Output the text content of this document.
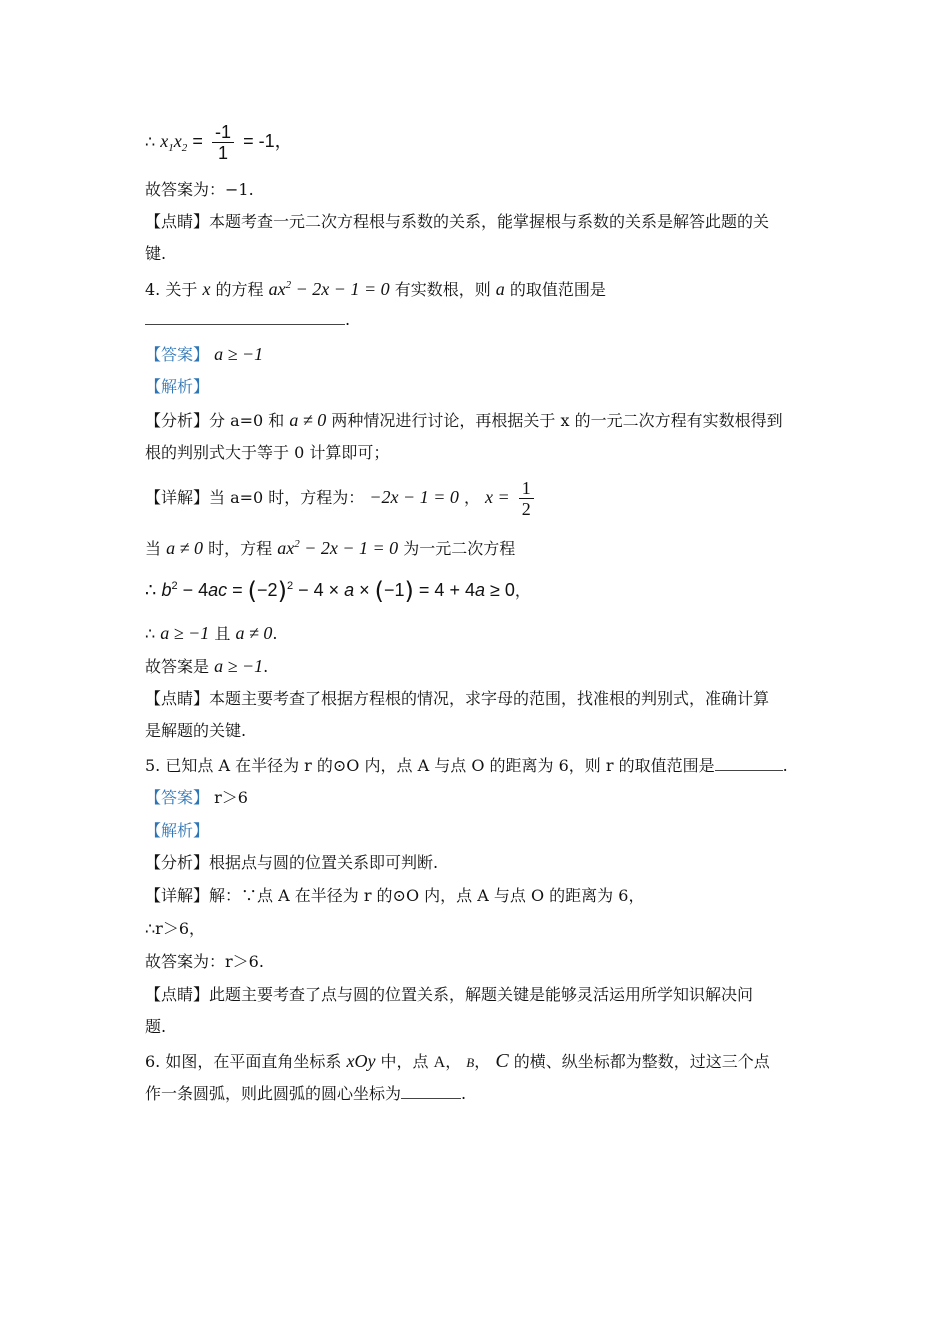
∴ $x_1x_2 = \frac{-1}{1} = -1$，
故答案为：−1.
【点睛】本题考查一元二次方程根与系数的关系，能掌握根与系数的关系是解答此题的关
键.
4. 关于 x 的方程 $ax^2 - 2x - 1 = 0$ 有实数根，则 a 的取值范围是
.
【答案】 a ≥ −1
【解析】
【分析】分 a=0 和 a ≠ 0 两种情况进行讨论，再根据关于 x 的一元二次方程有实数根得到
根的判别式大于等于 0 计算即可；
【详解】当 a=0 时，方程为： −2x − 1 = 0 ， $x = \frac{1}{2}$
当 a ≠ 0 时，方程 $ax^2 - 2x - 1 = 0$ 为一元二次方程
∴ $b^2 - 4ac = (-2)^2 - 4 \times a \times (-1) = 4 + 4a \ge 0$，
∴ a ≥ −1 且 a ≠ 0.
故答案是 a ≥ −1.
【点睛】本题主要考查了根据方程根的情况，求字母的范围，找准根的判别式，准确计算
是解题的关键.
5. 已知点 A 在半径为 r 的⊙O 内，点 A 与点 O 的距离为 6，则 r 的取值范围是	.
【答案】 r＞6
【解析】
【分析】根据点与圆的位置关系即可判断.
【详解】解：∵点 A 在半径为 r 的⊙O 内，点 A 与点 O 的距离为 6，
∴r＞6，
故答案为：r＞6.
【点睛】此题主要考查了点与圆的位置关系，解题关键是能够灵活运用所学知识解决问
题.
6. 如图，在平面直角坐标系 xOy 中，点 A， B， C 的横、纵坐标都为整数，过这三个点
作一条圆弧，则此圆弧的圆心坐标为	.
